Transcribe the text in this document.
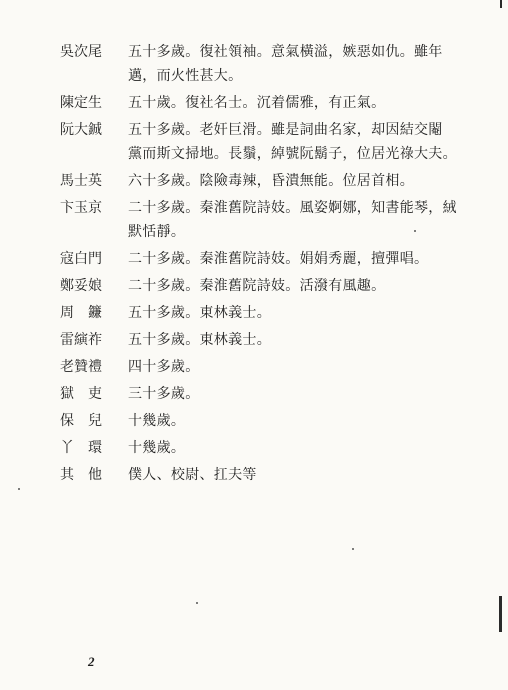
吳次尾	五十多歲。復社領袖。意氣橫溢，嫉惡如仇。雖年
邁，而火性甚大。
陳定生	五十歲。復社名士。沉着儒雅，有正氣。
阮大鋮	五十多歲。老奸巨滑。雖是詞曲名家，却因結交閹
黨而斯文掃地。長鬚，綽號阮鬍子，位居光祿大夫。
馬士英	六十多歲。陰險毒辣，昏潰無能。位居首相。
卞玉京	二十多歲。秦淮舊院詩妓。風姿婀娜，知書能琴，絨
默恬靜。
寇白門	二十多歲。秦淮舊院詩妓。娟娟秀麗，擅彈唱。
鄭妥娘	二十多歲。秦淮舊院詩妓。活潑有風趣。
周　鐮	五十多歲。東林義士。
雷縯祚	五十多歲。東林義士。
老贊禮	四十多歲。
獄　吏	三十多歲。
保　兒	十幾歲。
丫　環	十幾歲。
其　他	僕人、校尉、扛夫等
2
